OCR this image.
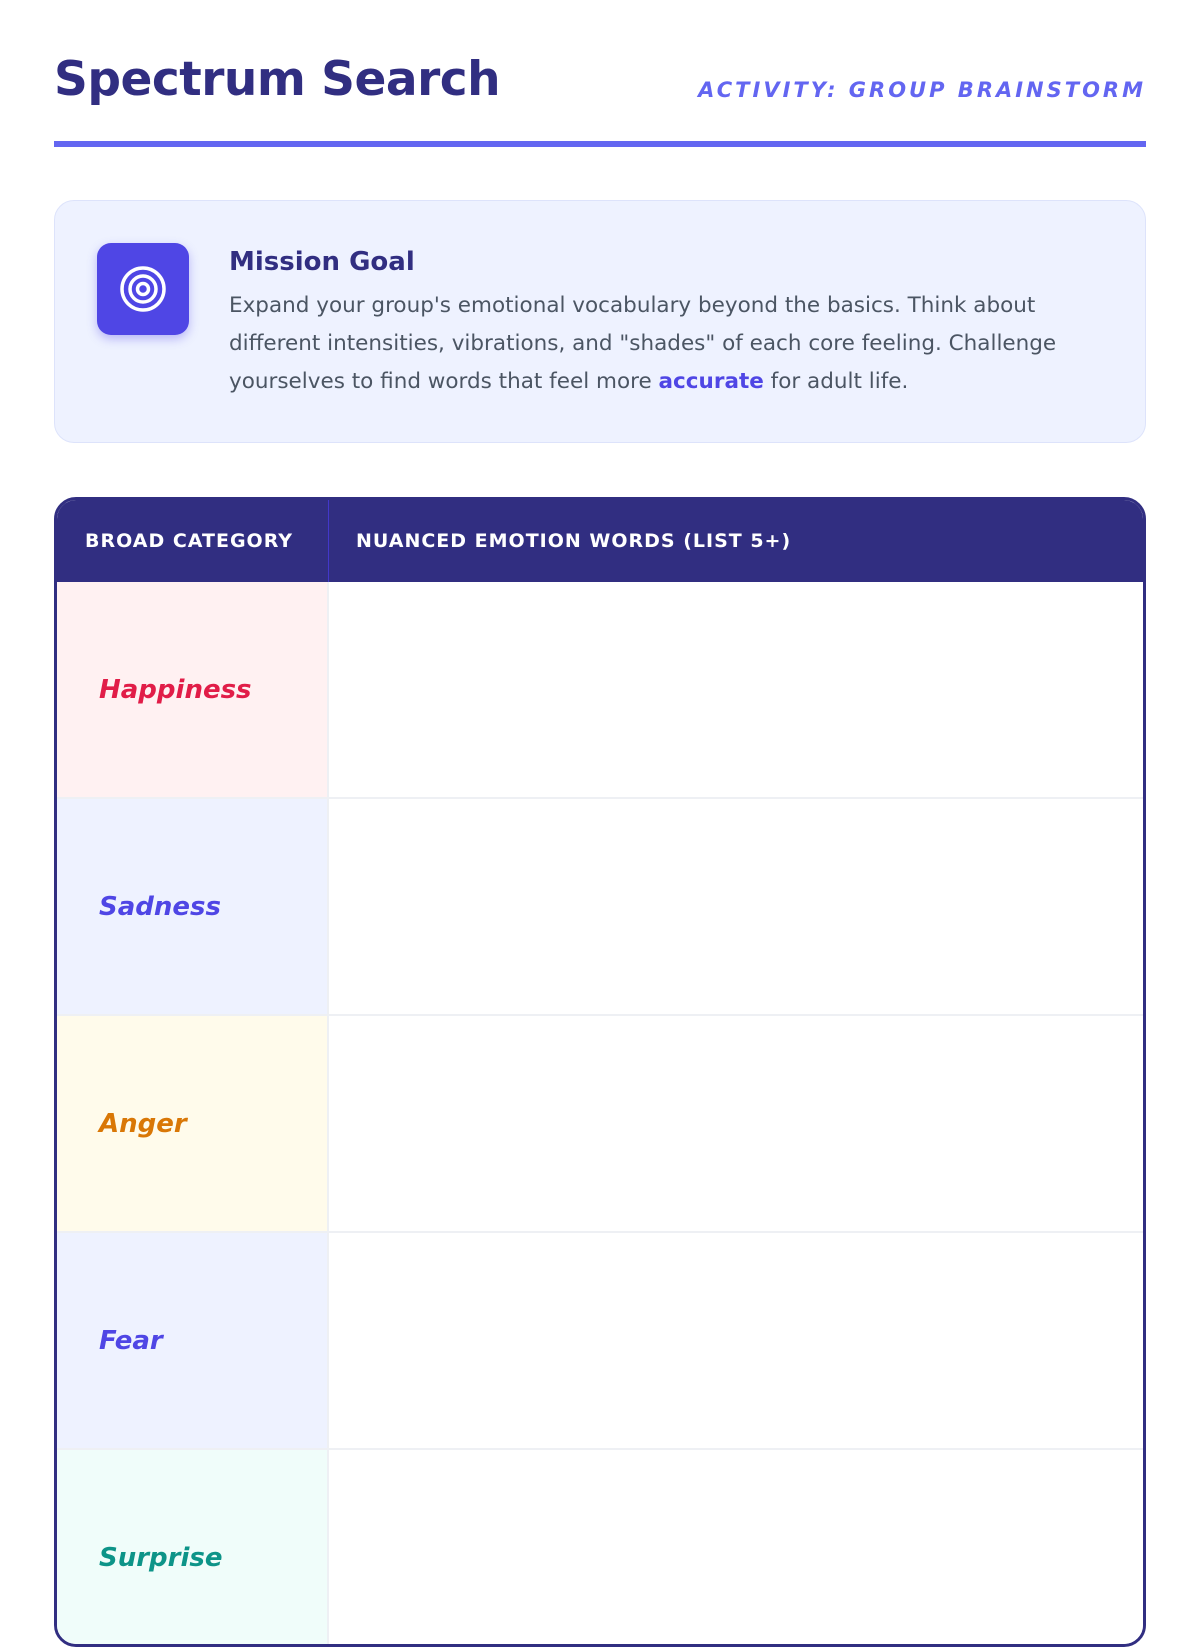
Spectrum Search	ACTIVITY: GROUP BRAINSTORM
Mission Goal
Expand your group's emotional vocabulary beyond the basics. Think about different intensities, vibrations, and "shades" of each core feeling. Challenge yourselves to find words that feel more accurate for adult life.
BROAD CATEGORY	NUANCED EMOTION WORDS (LIST 5+)
Happiness
Sadness
Anger
Fear
Surprise
